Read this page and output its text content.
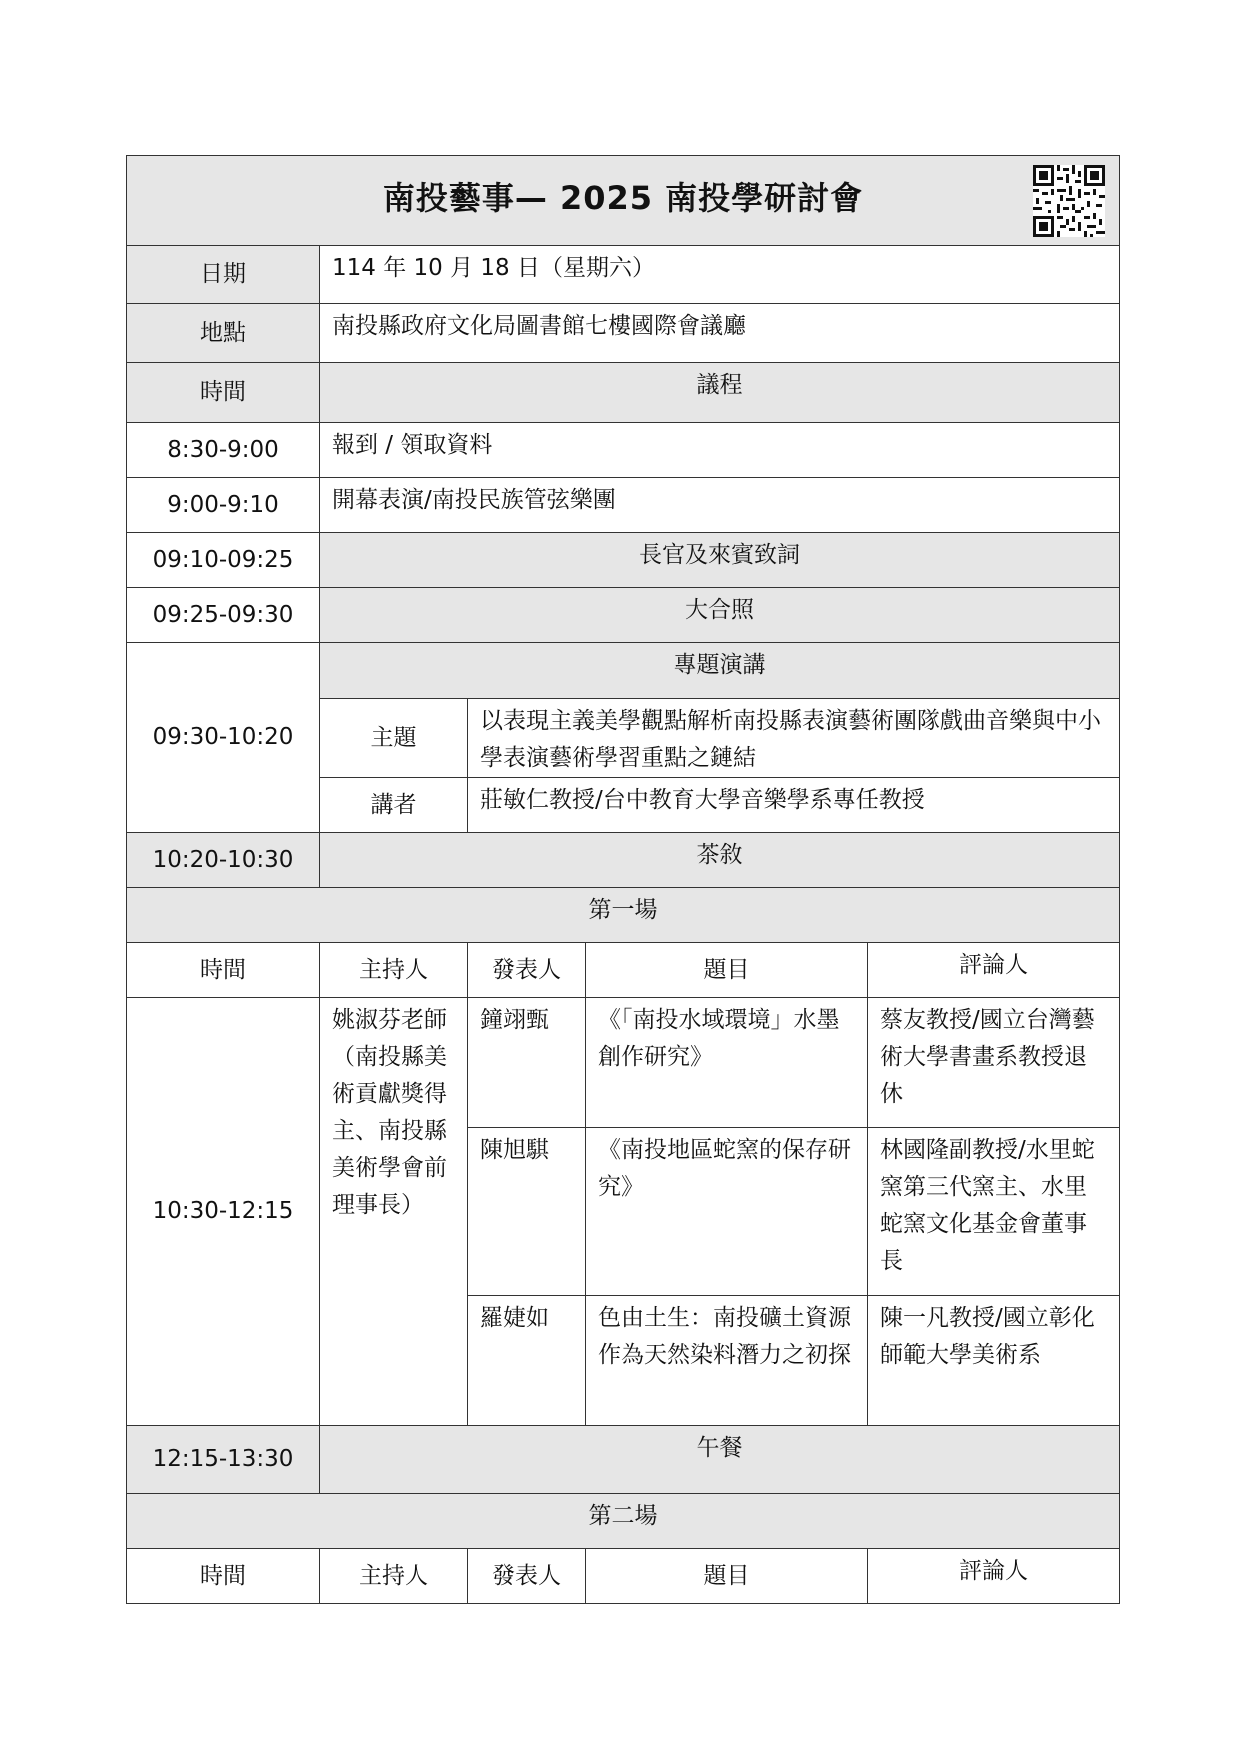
南投藝事— 2025 南投學研討會				

日期	114 年 10 月 18 日（星期六）			
地點	南投縣政府文化局圖書館七樓國際會議廳			
時間	議程			
8:30-9:00	報到 / 領取資料			
9:00-9:10	開幕表演/南投民族管弦樂團			
09:10-09:25	長官及來賓致詞			
09:25-09:30	大合照			
09:30-10:20	專題演講			
	主題	以表現主義美學觀點解析南投縣表演藝術團隊戲曲音樂與中小學表演藝術學習重點之鏈結		
	講者	莊敏仁教授/台中教育大學音樂學系專任教授		
10:20-10:30	茶敘			
第一場				
時間	主持人	發表人	題目	評論人
10:30-12:15	姚淑芬老師（南投縣美術貢獻獎得主、南投縣美術學會前理事長）	鐘翊甄	《「南投水域環境」水墨創作研究》	蔡友教授/國立台灣藝術大學書畫系教授退休
		陳旭騏	《南投地區蛇窯的保存研究》	林國隆副教授/水里蛇窯第三代窯主、水里蛇窯文化基金會董事長
		羅婕如	色由土生：南投礦土資源作為天然染料潛力之初探	陳一凡教授/國立彰化師範大學美術系
12:15-13:30	午餐			
第二場				
時間	主持人	發表人	題目	評論人
